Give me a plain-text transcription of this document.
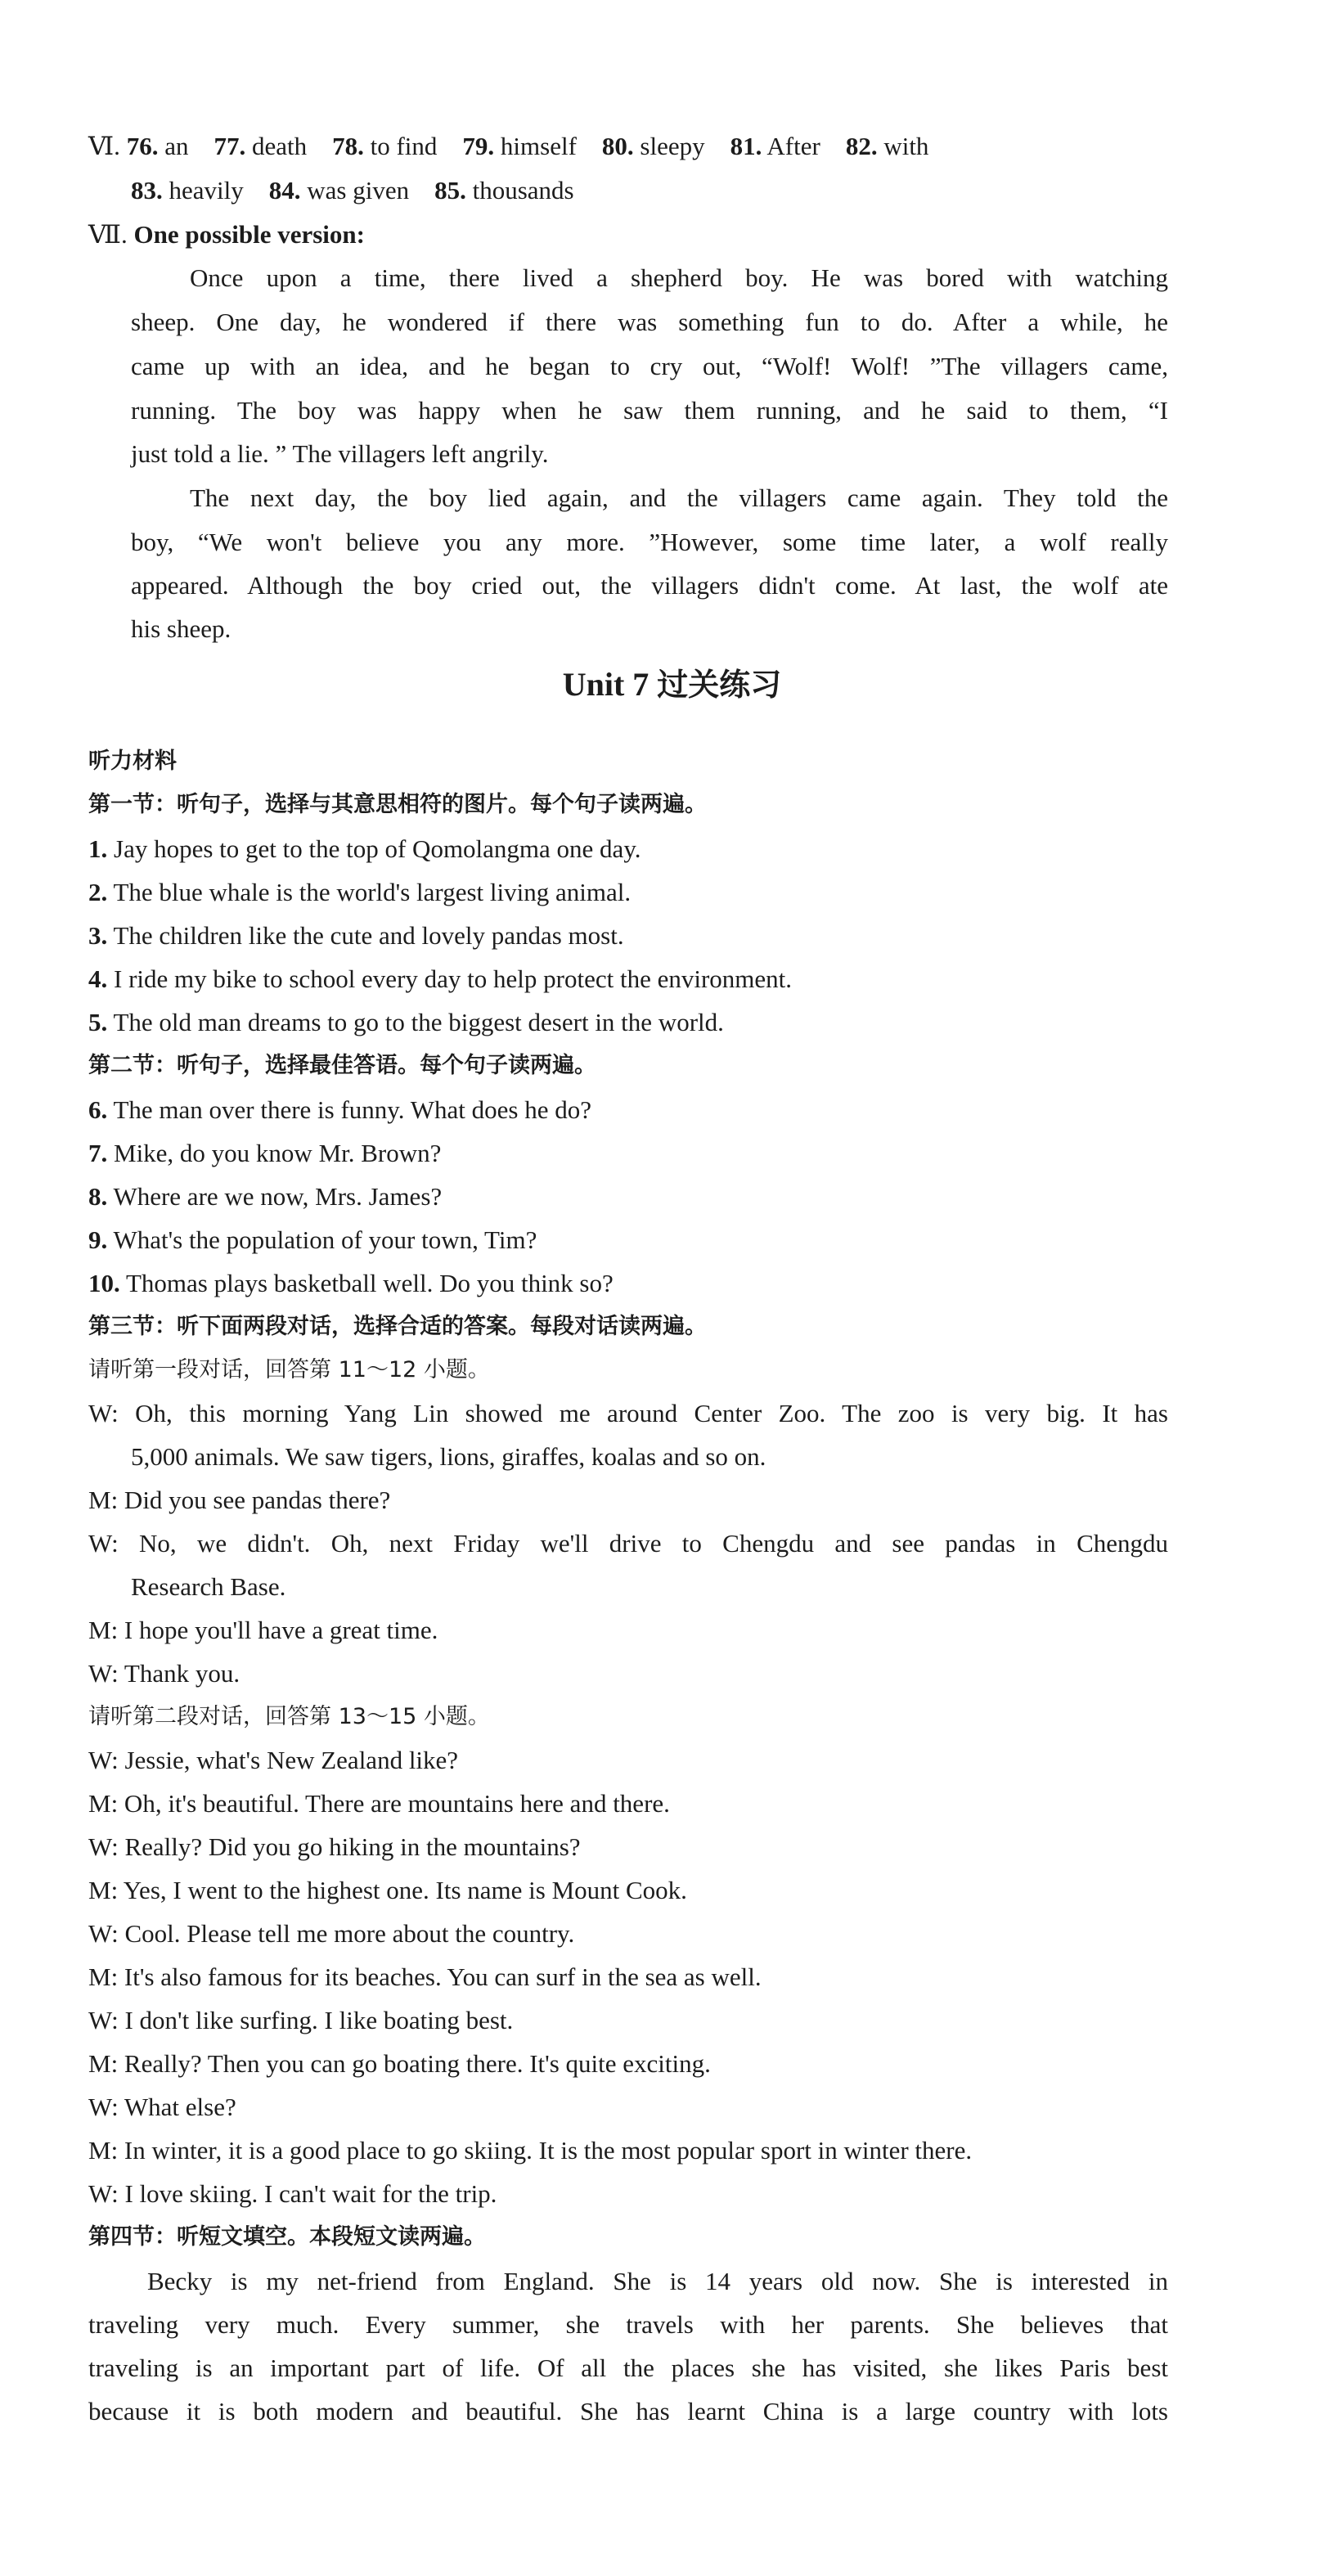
Ⅵ. 76. an 77. death 78. to find 79. himself 80. sleepy 81. After 82. with
83. heavily 84. was given 85. thousands
Ⅶ. One possible version:
Once upon a time, there lived a shepherd boy. He was bored with watching
sheep. One day, he wondered if there was something fun to do. After a while, he
came up with an idea, and he began to cry out, “Wolf! Wolf! ”The villagers came,
running. The boy was happy when he saw them running, and he said to them, “I
just told a lie. ” The villagers left angrily.
The next day, the boy lied again, and the villagers came again. They told the
boy, “We won't believe you any more. ”However, some time later, a wolf really
appeared. Although the boy cried out, the villagers didn't come. At last, the wolf ate
his sheep.
Unit 7 过关练习
听力材料
第一节：听句子，选择与其意思相符的图片。每个句子读两遍。
1. Jay hopes to get to the top of Qomolangma one day.
2. The blue whale is the world's largest living animal.
3. The children like the cute and lovely pandas most.
4. I ride my bike to school every day to help protect the environment.
5. The old man dreams to go to the biggest desert in the world.
第二节：听句子，选择最佳答语。每个句子读两遍。
6. The man over there is funny. What does he do?
7. Mike, do you know Mr. Brown?
8. Where are we now, Mrs. James?
9. What's the population of your town, Tim?
10. Thomas plays basketball well. Do you think so?
第三节：听下面两段对话，选择合适的答案。每段对话读两遍。
请听第一段对话，回答第 11～12 小题。
W: Oh, this morning Yang Lin showed me around Center Zoo. The zoo is very big. It has
5,000 animals. We saw tigers, lions, giraffes, koalas and so on.
M: Did you see pandas there?
W: No, we didn't. Oh, next Friday we'll drive to Chengdu and see pandas in Chengdu
Research Base.
M: I hope you'll have a great time.
W: Thank you.
请听第二段对话，回答第 13～15 小题。
W: Jessie, what's New Zealand like?
M: Oh, it's beautiful. There are mountains here and there.
W: Really? Did you go hiking in the mountains?
M: Yes, I went to the highest one. Its name is Mount Cook.
W: Cool. Please tell me more about the country.
M: It's also famous for its beaches. You can surf in the sea as well.
W: I don't like surfing. I like boating best.
M: Really? Then you can go boating there. It's quite exciting.
W: What else?
M: In winter, it is a good place to go skiing. It is the most popular sport in winter there.
W: I love skiing. I can't wait for the trip.
第四节：听短文填空。本段短文读两遍。
Becky is my net-friend from England. She is 14 years old now. She is interested in
traveling very much. Every summer, she travels with her parents. She believes that
traveling is an important part of life. Of all the places she has visited, she likes Paris best
because it is both modern and beautiful. She has learnt China is a large country with lots
